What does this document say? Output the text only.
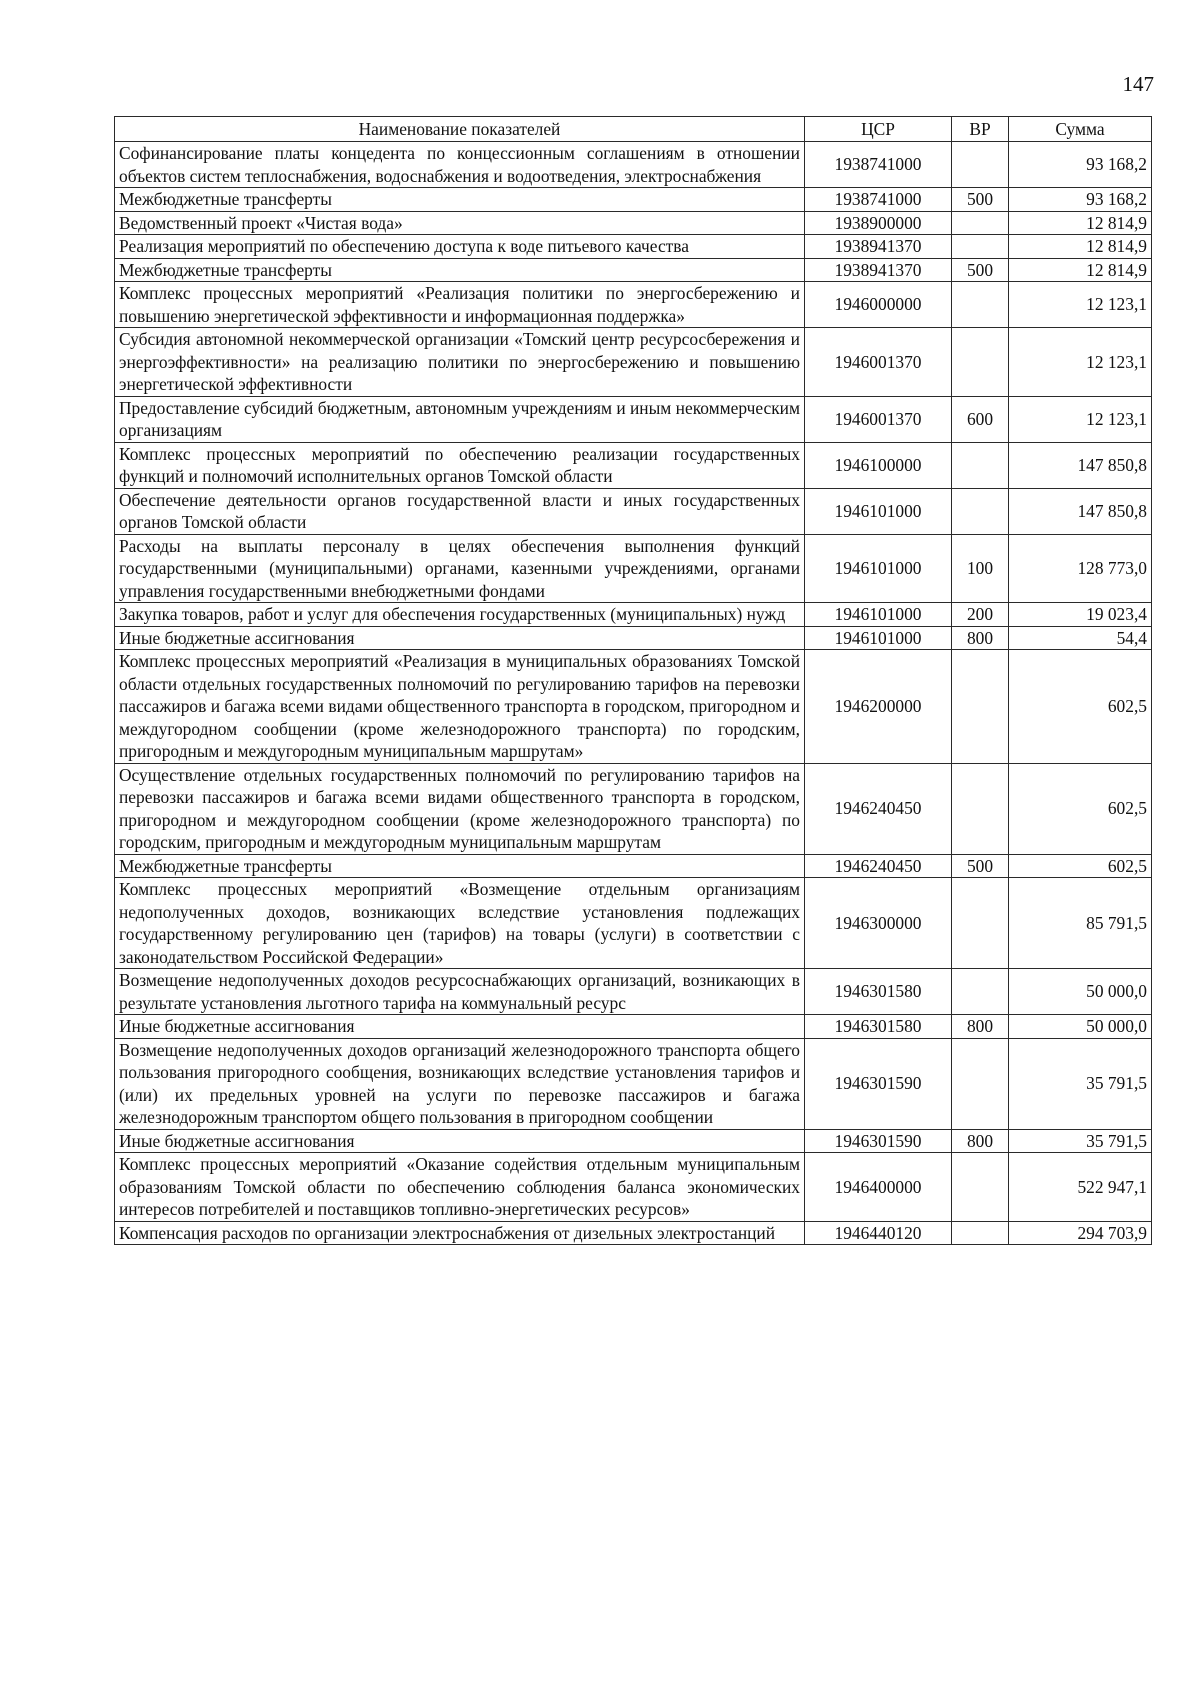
147
Наименование показателей	ЦСР	ВР	Сумма
Софинансирование платы концедента по концессионным соглашениям в отношении объектов систем теплоснабжения, водоснабжения и водоотведения, электроснабжения	1938741000		93 168,2
Межбюджетные трансферты	1938741000	500	93 168,2
Ведомственный проект «Чистая вода»	1938900000		12 814,9
Реализация мероприятий по обеспечению доступа к воде питьевого качества	1938941370		12 814,9
Межбюджетные трансферты	1938941370	500	12 814,9
Комплекс процессных мероприятий «Реализация политики по энергосбережению и повышению энергетической эффективности и информационная поддержка»	1946000000		12 123,1
Субсидия автономной некоммерческой организации «Томский центр ресурсосбережения и энергоэффективности» на реализацию политики по энергосбережению и повышению энергетической эффективности	1946001370		12 123,1
Предоставление субсидий бюджетным, автономным учреждениям и иным некоммерческим организациям	1946001370	600	12 123,1
Комплекс процессных мероприятий по обеспечению реализации государственных функций и полномочий исполнительных органов Томской области	1946100000		147 850,8
Обеспечение деятельности органов государственной власти и иных государственных органов Томской области	1946101000		147 850,8
Расходы на выплаты персоналу в целях обеспечения выполнения функций государственными (муниципальными) органами, казенными учреждениями, органами управления государственными внебюджетными фондами	1946101000	100	128 773,0
Закупка товаров, работ и услуг для обеспечения государственных (муниципальных) нужд	1946101000	200	19 023,4
Иные бюджетные ассигнования	1946101000	800	54,4
Комплекс процессных мероприятий «Реализация в муниципальных образованиях Томской области отдельных государственных полномочий по регулированию тарифов на перевозки пассажиров и багажа всеми видами общественного транспорта в городском, пригородном и междугородном сообщении (кроме железнодорожного транспорта) по городским, пригородным и междугородным муниципальным маршрутам»	1946200000		602,5
Осуществление отдельных государственных полномочий по регулированию тарифов на перевозки пассажиров и багажа всеми видами общественного транспорта в городском, пригородном и междугородном сообщении (кроме железнодорожного транспорта) по городским, пригородным и междугородным муниципальным маршрутам	1946240450		602,5
Межбюджетные трансферты	1946240450	500	602,5
Комплекс процессных мероприятий «Возмещение отдельным организациям недополученных доходов, возникающих вследствие установления подлежащих государственному регулированию цен (тарифов) на товары (услуги) в соответствии с законодательством Российской Федерации»	1946300000		85 791,5
Возмещение недополученных доходов ресурсоснабжающих организаций, возникающих в результате установления льготного тарифа на коммунальный ресурс	1946301580		50 000,0
Иные бюджетные ассигнования	1946301580	800	50 000,0
Возмещение недополученных доходов организаций железнодорожного транспорта общего пользования пригородного сообщения, возникающих вследствие установления тарифов и (или) их предельных уровней на услуги по перевозке пассажиров и багажа железнодорожным транспортом общего пользования в пригородном сообщении	1946301590		35 791,5
Иные бюджетные ассигнования	1946301590	800	35 791,5
Комплекс процессных мероприятий «Оказание содействия отдельным муниципальным образованиям Томской области по обеспечению соблюдения баланса экономических интересов потребителей и поставщиков топливно-энергетических ресурсов»	1946400000		522 947,1
Компенсация расходов по организации электроснабжения от дизельных электростанций	1946440120		294 703,9
